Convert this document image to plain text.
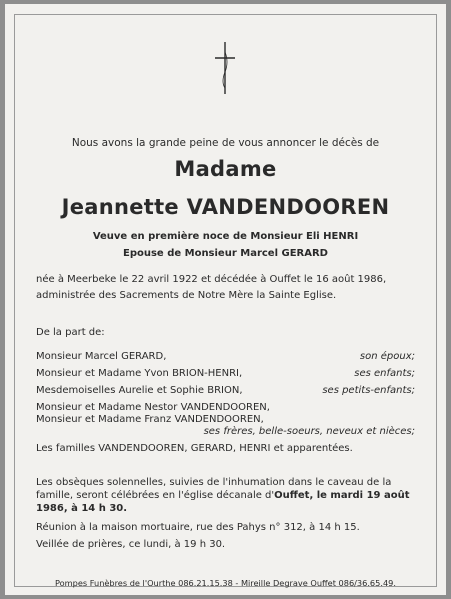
Nous avons la grande peine de vous annoncer le décès de
Madame
Jeannette VANDENDOOREN
Veuve en première noce de Monsieur Eli HENRI
Epouse de Monsieur Marcel GERARD
née à Meerbeke le 22 avril 1922 et décédée à Ouffet le 16 août 1986,
administrée des Sacrements de Notre Mère la Sainte Eglise.
De la part de:
Monsieur Marcel GERARD,	son époux;
Monsieur et Madame Yvon BRION-HENRI,	ses enfants;
Mesdemoiselles Aurelie et Sophie BRION,	ses petits-enfants;
Monsieur et Madame Nestor VANDENDOOREN,
Monsieur et Madame Franz VANDENDOOREN,
ses frères, belle-soeurs, neveux et nièces;
Les familles VANDENDOOREN, GERARD, HENRI et apparentées.
Les obsèques solennelles, suivies de l'inhumation dans le caveau de la
famille, seront célébrées en l'église décanale d'Ouffet, le mardi 19 août
1986, à 14 h 30.
Réunion à la maison mortuaire, rue des Pahys n° 312, à 14 h 15.
Veillée de prières, ce lundi, à 19 h 30.
Pompes Funèbres de l'Ourthe 086.21.15.38 - Mireille Degrave Ouffet 086/36.65.49.
